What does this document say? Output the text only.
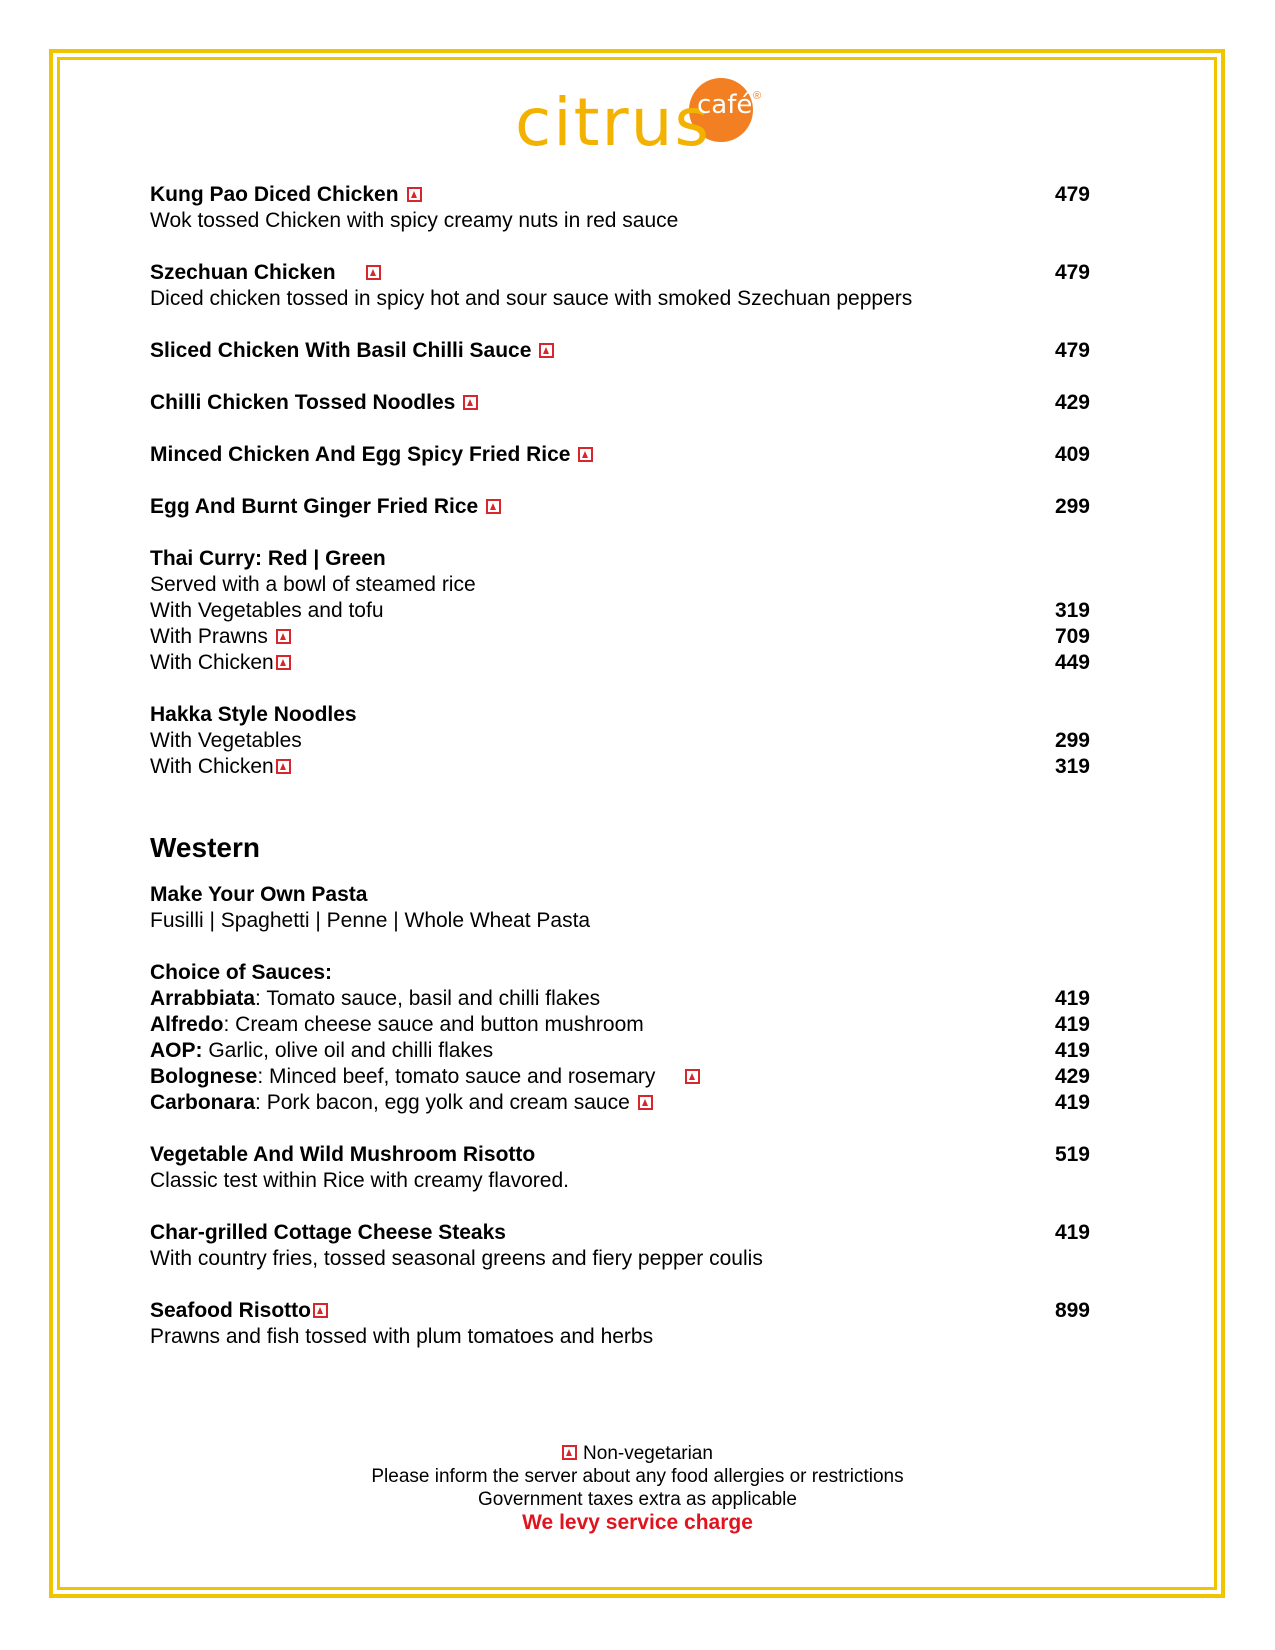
citrus
café ®
Kung Pao Diced Chicken	479
Wok tossed Chicken with spicy creamy nuts in red sauce
Szechuan Chicken	479
Diced chicken tossed in spicy hot and sour sauce with smoked Szechuan peppers
Sliced Chicken With Basil Chilli Sauce	479
Chilli Chicken Tossed Noodles	429
Minced Chicken And Egg Spicy Fried Rice	409
Egg And Burnt Ginger Fried Rice	299
Thai Curry: Red | Green
Served with a bowl of steamed rice
With Vegetables and tofu	319
With Prawns	709
With Chicken	449
Hakka Style Noodles
With Vegetables	299
With Chicken	319
Western
Make Your Own Pasta
Fusilli | Spaghetti | Penne | Whole Wheat Pasta
Choice of Sauces:
Arrabbiata: Tomato sauce, basil and chilli flakes	419
Alfredo: Cream cheese sauce and button mushroom	419
AOP: Garlic, olive oil and chilli flakes	419
Bolognese: Minced beef, tomato sauce and rosemary	429
Carbonara: Pork bacon, egg yolk and cream sauce	419
Vegetable And Wild Mushroom Risotto	519
Classic test within Rice with creamy flavored.
Char-grilled Cottage Cheese Steaks	419
With country fries, tossed seasonal greens and fiery pepper coulis
Seafood Risotto	899
Prawns and fish tossed with plum tomatoes and herbs
Non-vegetarian
Please inform the server about any food allergies or restrictions
Government taxes extra as applicable
We levy service charge
